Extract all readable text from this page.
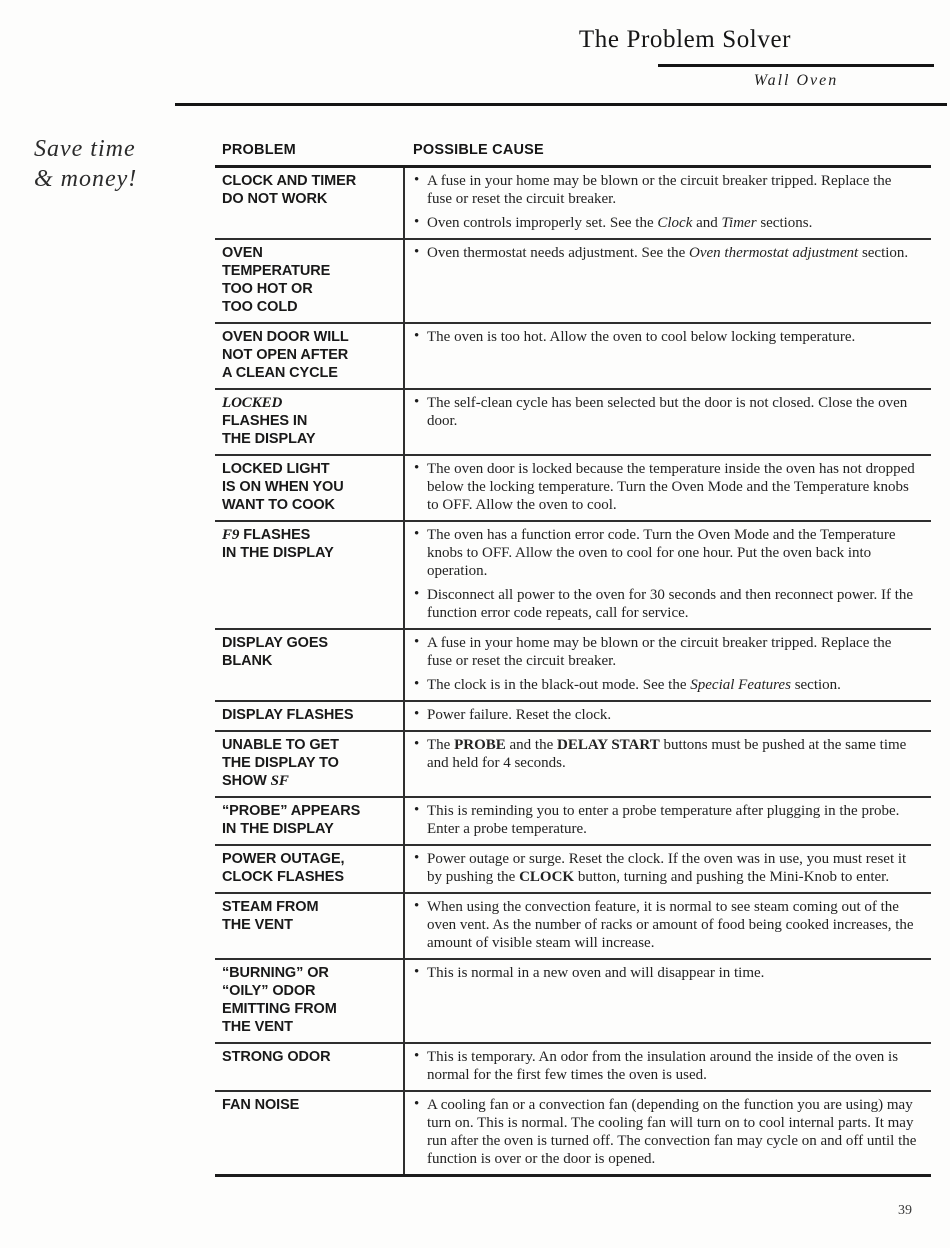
The Problem Solver
Wall Oven
Save time
& money!
PROBLEM	POSSIBLE CAUSE
CLOCK AND TIMER
DO NOT WORK
• A fuse in your home may be blown or the circuit breaker tripped. Replace the fuse or reset the circuit breaker.
• Oven controls improperly set. See the Clock and Timer sections.
OVEN
TEMPERATURE
TOO HOT OR
TOO COLD
• Oven thermostat needs adjustment. See the Oven thermostat adjustment section.
OVEN DOOR WILL
NOT OPEN AFTER
A CLEAN CYCLE
• The oven is too hot. Allow the oven to cool below locking temperature.
LOCKED
FLASHES IN
THE DISPLAY
• The self-clean cycle has been selected but the door is not closed. Close the oven door.
LOCKED LIGHT
IS ON WHEN YOU
WANT TO COOK
• The oven door is locked because the temperature inside the oven has not dropped below the locking temperature. Turn the Oven Mode and the Temperature knobs to OFF. Allow the oven to cool.
F9 FLASHES
IN THE DISPLAY
• The oven has a function error code. Turn the Oven Mode and the Temperature knobs to OFF. Allow the oven to cool for one hour. Put the oven back into operation.
• Disconnect all power to the oven for 30 seconds and then reconnect power. If the function error code repeats, call for service.
DISPLAY GOES
BLANK
• A fuse in your home may be blown or the circuit breaker tripped. Replace the fuse or reset the circuit breaker.
• The clock is in the black-out mode. See the Special Features section.
DISPLAY FLASHES	• Power failure. Reset the clock.
UNABLE TO GET
THE DISPLAY TO
SHOW SF
• The PROBE and the DELAY START buttons must be pushed at the same time and held for 4 seconds.
“PROBE” APPEARS
IN THE DISPLAY
• This is reminding you to enter a probe temperature after plugging in the probe. Enter a probe temperature.
POWER OUTAGE,
CLOCK FLASHES
• Power outage or surge. Reset the clock. If the oven was in use, you must reset it by pushing the CLOCK button, turning and pushing the Mini-Knob to enter.
STEAM FROM
THE VENT
• When using the convection feature, it is normal to see steam coming out of the oven vent. As the number of racks or amount of food being cooked increases, the amount of visible steam will increase.
“BURNING” OR
“OILY” ODOR
EMITTING FROM
THE VENT
• This is normal in a new oven and will disappear in time.
STRONG ODOR	• This is temporary. An odor from the insulation around the inside of the oven is normal for the first few times the oven is used.
FAN NOISE	• A cooling fan or a convection fan (depending on the function you are using) may turn on. This is normal. The cooling fan will turn on to cool internal parts. It may run after the oven is turned off. The convection fan may cycle on and off until the function is over or the door is opened.
39
